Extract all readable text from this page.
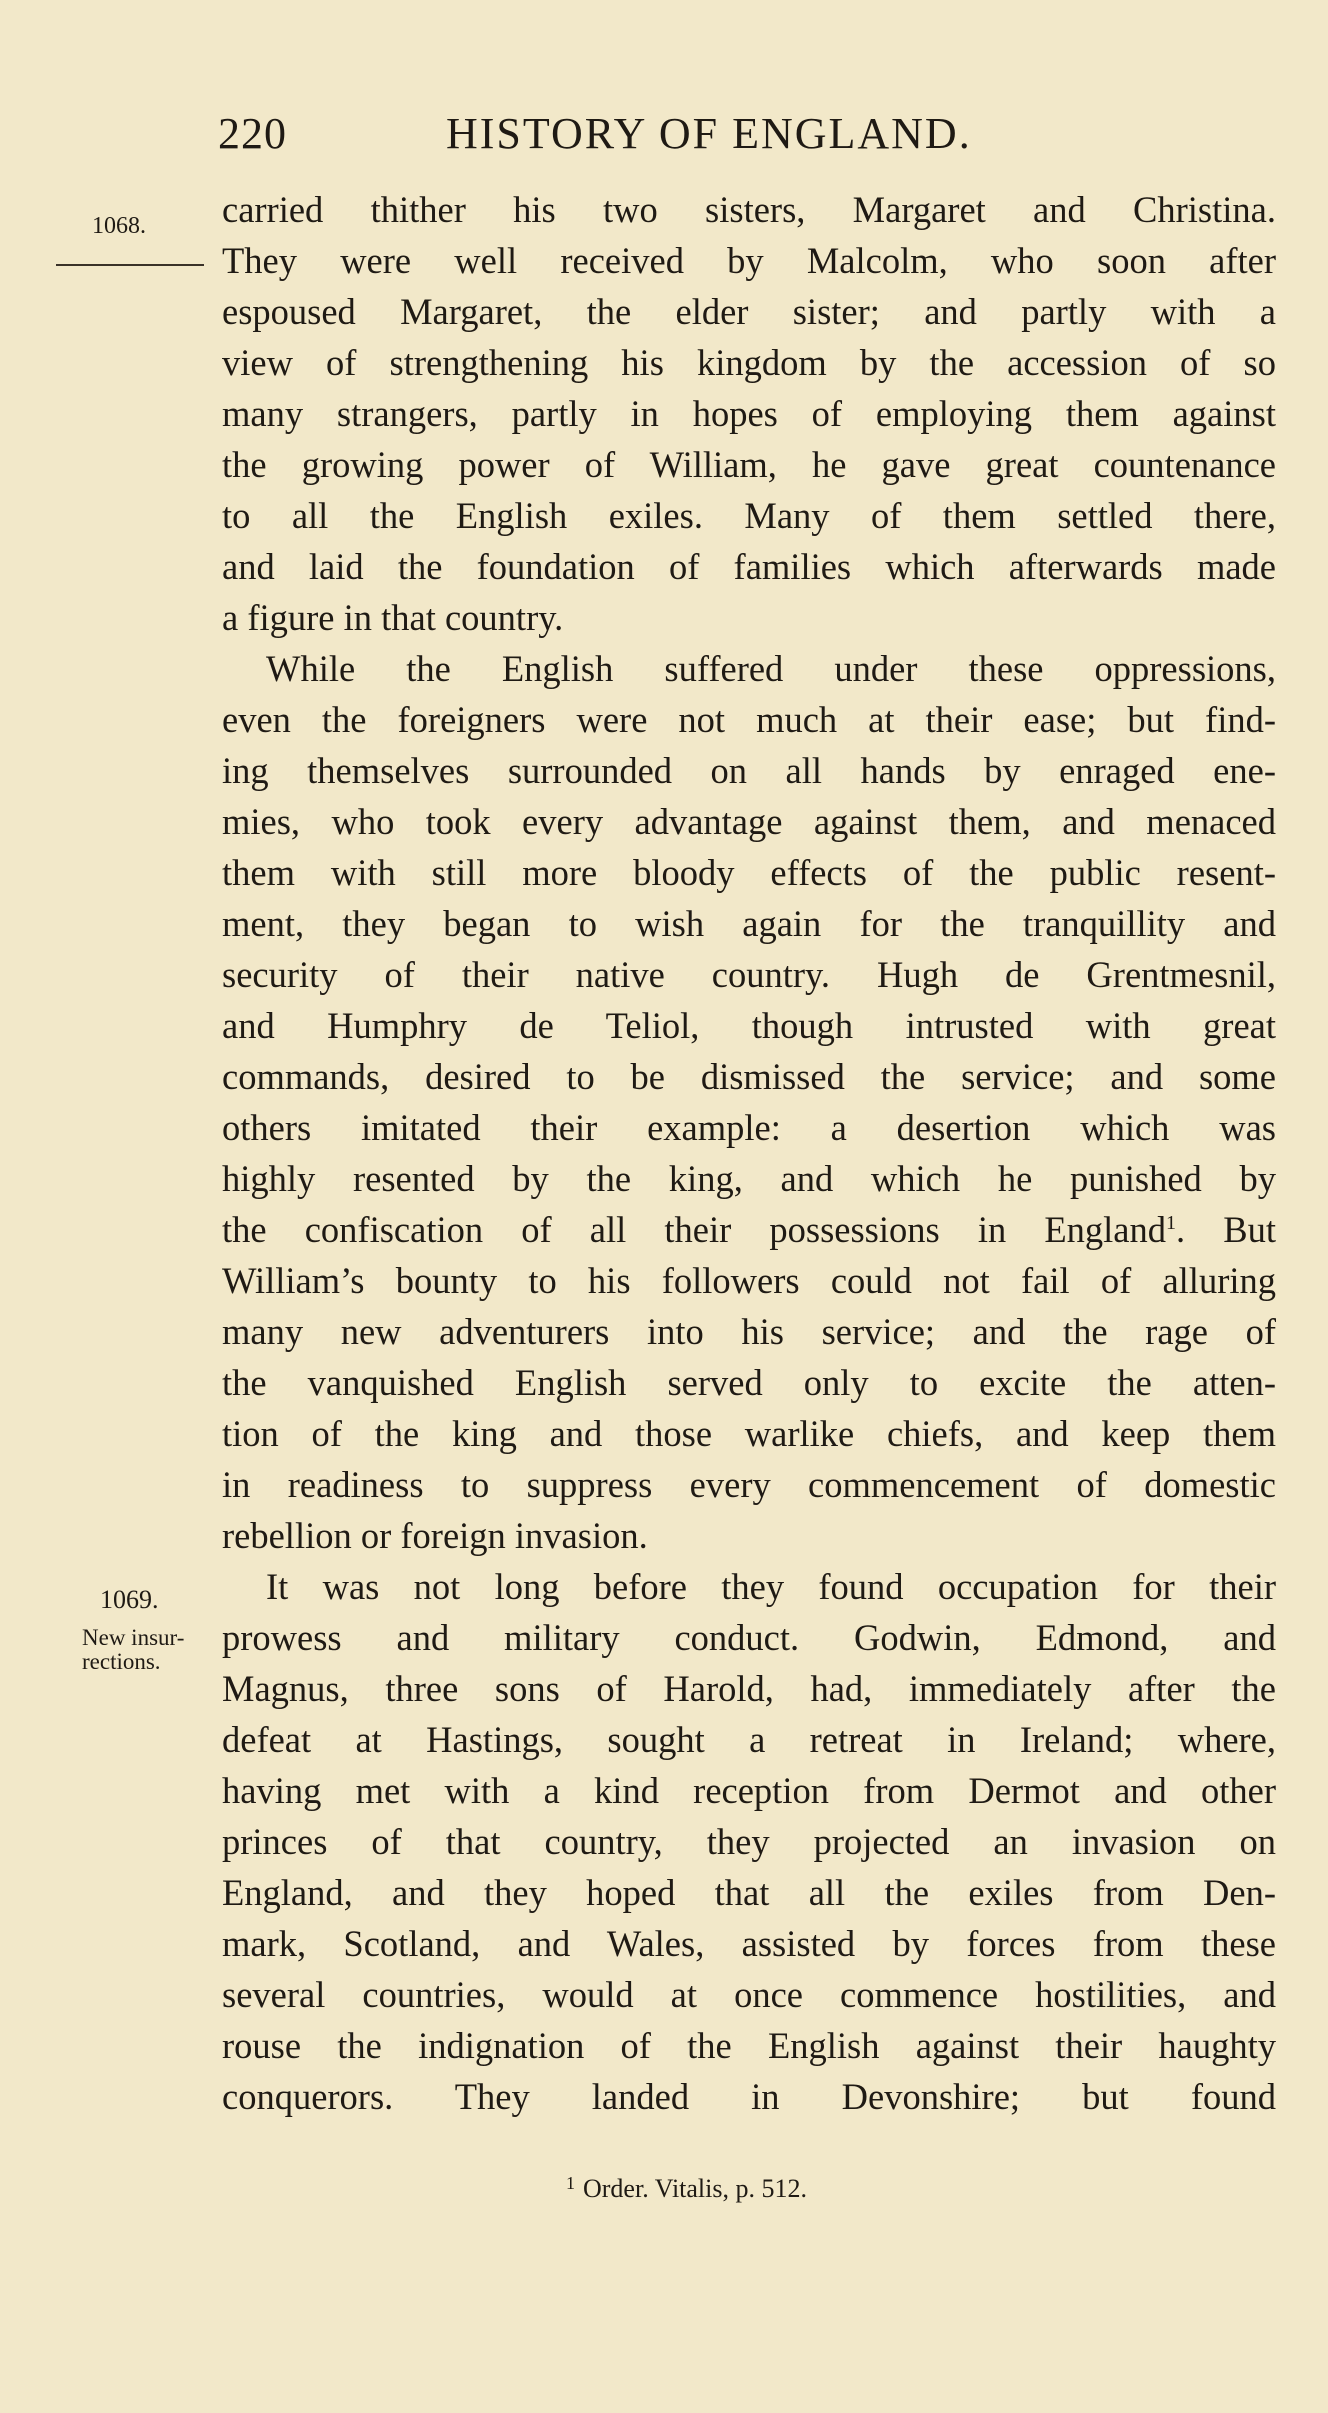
220	HISTORY OF ENGLAND.
1068.
1069.
New insur-
rections.
carried thither his two sisters, Margaret and Christina.
They were well received by Malcolm, who soon after
espoused Margaret, the elder sister; and partly with a
view of strengthening his kingdom by the accession of so
many strangers, partly in hopes of employing them against
the growing power of William, he gave great countenance
to all the English exiles. Many of them settled there,
and laid the foundation of families which afterwards made
a figure in that country.
While the English suffered under these oppressions,
even the foreigners were not much at their ease; but find-
ing themselves surrounded on all hands by enraged ene-
mies, who took every advantage against them, and menaced
them with still more bloody effects of the public resent-
ment, they began to wish again for the tranquillity and
security of their native country. Hugh de Grentmesnil,
and Humphry de Teliol, though intrusted with great
commands, desired to be dismissed the service; and some
others imitated their example: a desertion which was
highly resented by the king, and which he punished by
the confiscation of all their possessions in England$^1$. But
William’s bounty to his followers could not fail of alluring
many new adventurers into his service; and the rage of
the vanquished English served only to excite the atten-
tion of the king and those warlike chiefs, and keep them
in readiness to suppress every commencement of domestic
rebellion or foreign invasion.
It was not long before they found occupation for their
prowess and military conduct. Godwin, Edmond, and
Magnus, three sons of Harold, had, immediately after the
defeat at Hastings, sought a retreat in Ireland; where,
having met with a kind reception from Dermot and other
princes of that country, they projected an invasion on
England, and they hoped that all the exiles from Den-
mark, Scotland, and Wales, assisted by forces from these
several countries, would at once commence hostilities, and
rouse the indignation of the English against their haughty
conquerors. They landed in Devonshire; but found
$^1$ Order. Vitalis, p. 512.
